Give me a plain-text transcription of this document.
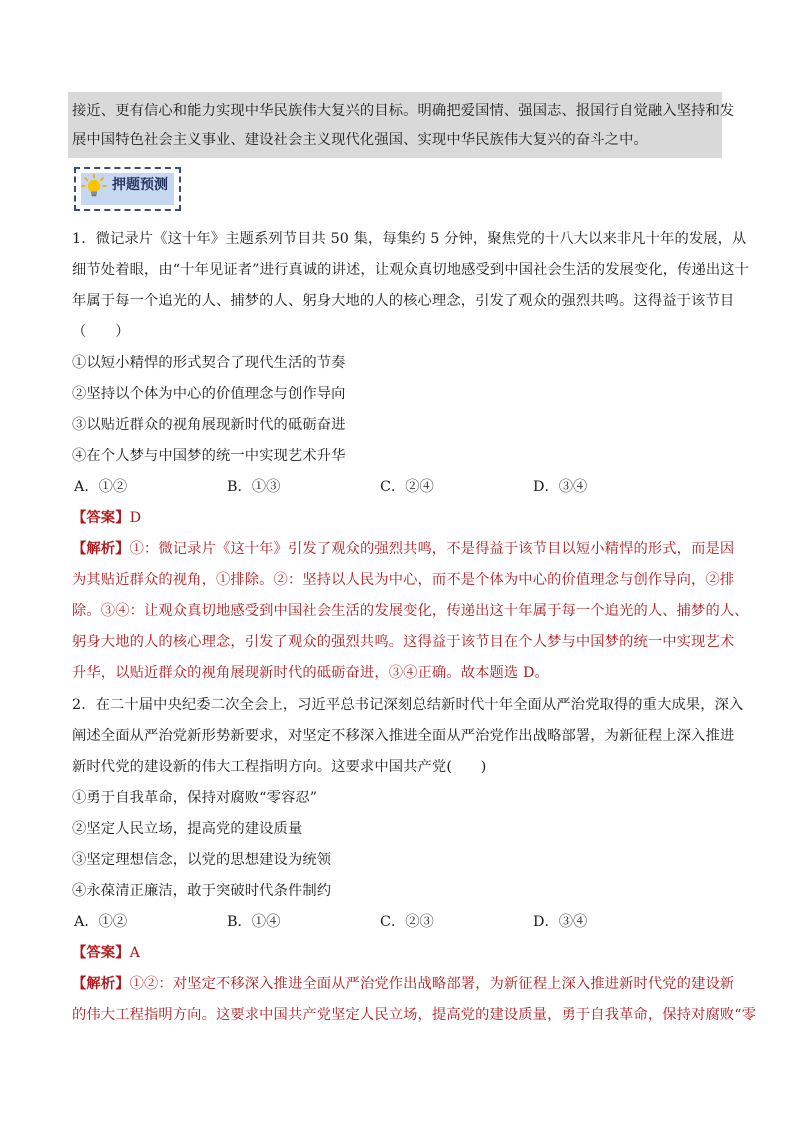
接近、更有信心和能力实现中华民族伟大复兴的目标。明确把爱国情、强国志、报国行自觉融入坚持和发
展中国特色社会主义事业、建设社会主义现代化强国、实现中华民族伟大复兴的奋斗之中。
押题预测
1．微记录片《这十年》主题系列节目共 50 集，每集约 5 分钟，聚焦党的十八大以来非凡十年的发展，从
细节处着眼，由“十年见证者”进行真诚的讲述，让观众真切地感受到中国社会生活的发展变化，传递出这十
年属于每一个追光的人、捕梦的人、躬身大地的人的核心理念，引发了观众的强烈共鸣。这得益于该节目
（　　）
①以短小精悍的形式契合了现代生活的节奏
②坚持以个体为中心的价值理念与创作导向
③以贴近群众的视角展现新时代的砥砺奋进
④在个人梦与中国梦的统一中实现艺术升华
A．①②	B．①③	C．②④	D．③④
【答案】D
【解析】①：微记录片《这十年》引发了观众的强烈共鸣，不是得益于该节目以短小精悍的形式，而是因
为其贴近群众的视角，①排除。②：坚持以人民为中心，而不是个体为中心的价值理念与创作导向，②排
除。③④：让观众真切地感受到中国社会生活的发展变化，传递出这十年属于每一个追光的人、捕梦的人、
躬身大地的人的核心理念，引发了观众的强烈共鸣。这得益于该节目在个人梦与中国梦的统一中实现艺术
升华，以贴近群众的视角展现新时代的砥砺奋进，③④正确。故本题选 D。
2．在二十届中央纪委二次全会上，习近平总书记深刻总结新时代十年全面从严治党取得的重大成果，深入
阐述全面从严治党新形势新要求，对坚定不移深入推进全面从严治党作出战略部署，为新征程上深入推进
新时代党的建设新的伟大工程指明方向。这要求中国共产党(　　)
①勇于自我革命，保持对腐败“零容忍”
②坚定人民立场，提高党的建设质量
③坚定理想信念，以党的思想建设为统领
④永葆清正廉洁，敢于突破时代条件制约
A．①②	B．①④	C．②③	D．③④
【答案】A
【解析】①②：对坚定不移深入推进全面从严治党作出战略部署，为新征程上深入推进新时代党的建设新
的伟大工程指明方向。这要求中国共产党坚定人民立场，提高党的建设质量，勇于自我革命，保持对腐败“零
